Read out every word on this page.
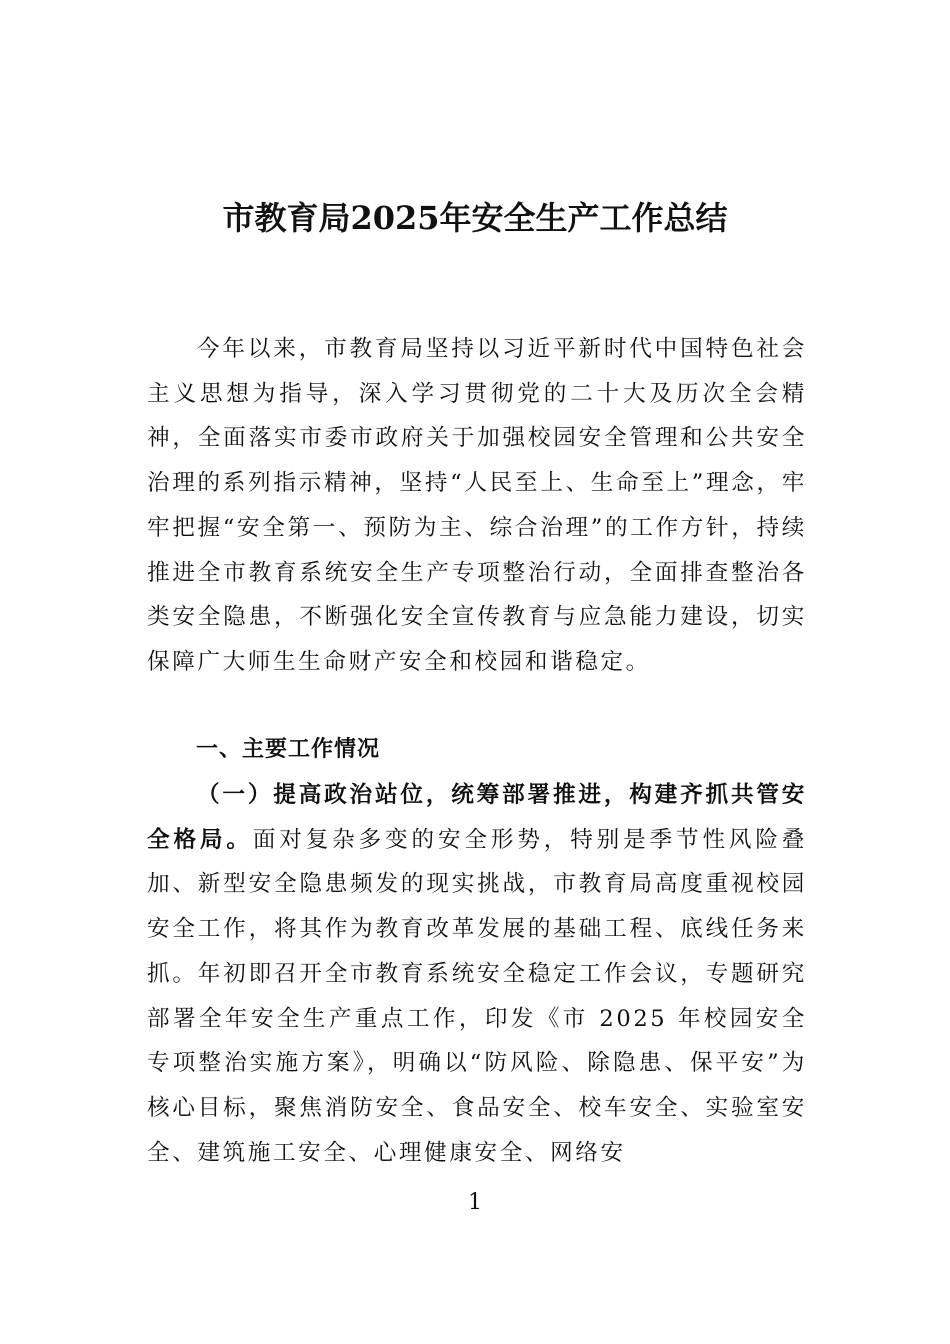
市教育局2025年安全生产工作总结

今年以来，市教育局坚持以习近平新时代中国特色社会主义思想为指导，深入学习贯彻党的二十大及历次全会精神，全面落实市委市政府关于加强校园安全管理和公共安全治理的系列指示精神，坚持“人民至上、生命至上”理念，牢牢把握“安全第一、预防为主、综合治理”的工作方针，持续推进全市教育系统安全生产专项整治行动，全面排查整治各类安全隐患，不断强化安全宣传教育与应急能力建设，切实保障广大师生生命财产安全和校园和谐稳定。

一、主要工作情况

（一）提高政治站位，统筹部署推进，构建齐抓共管安全格局。面对复杂多变的安全形势，特别是季节性风险叠加、新型安全隐患频发的现实挑战，市教育局高度重视校园安全工作，将其作为教育改革发展的基础工程、底线任务来抓。年初即召开全市教育系统安全稳定工作会议，专题研究部署全年安全生产重点工作，印发《市 2025 年校园安全专项整治实施方案》，明确以“防风险、除隐患、保平安”为核心目标，聚焦消防安全、食品安全、校车安全、实验室安全、建筑施工安全、心理健康安全、网络安

1
